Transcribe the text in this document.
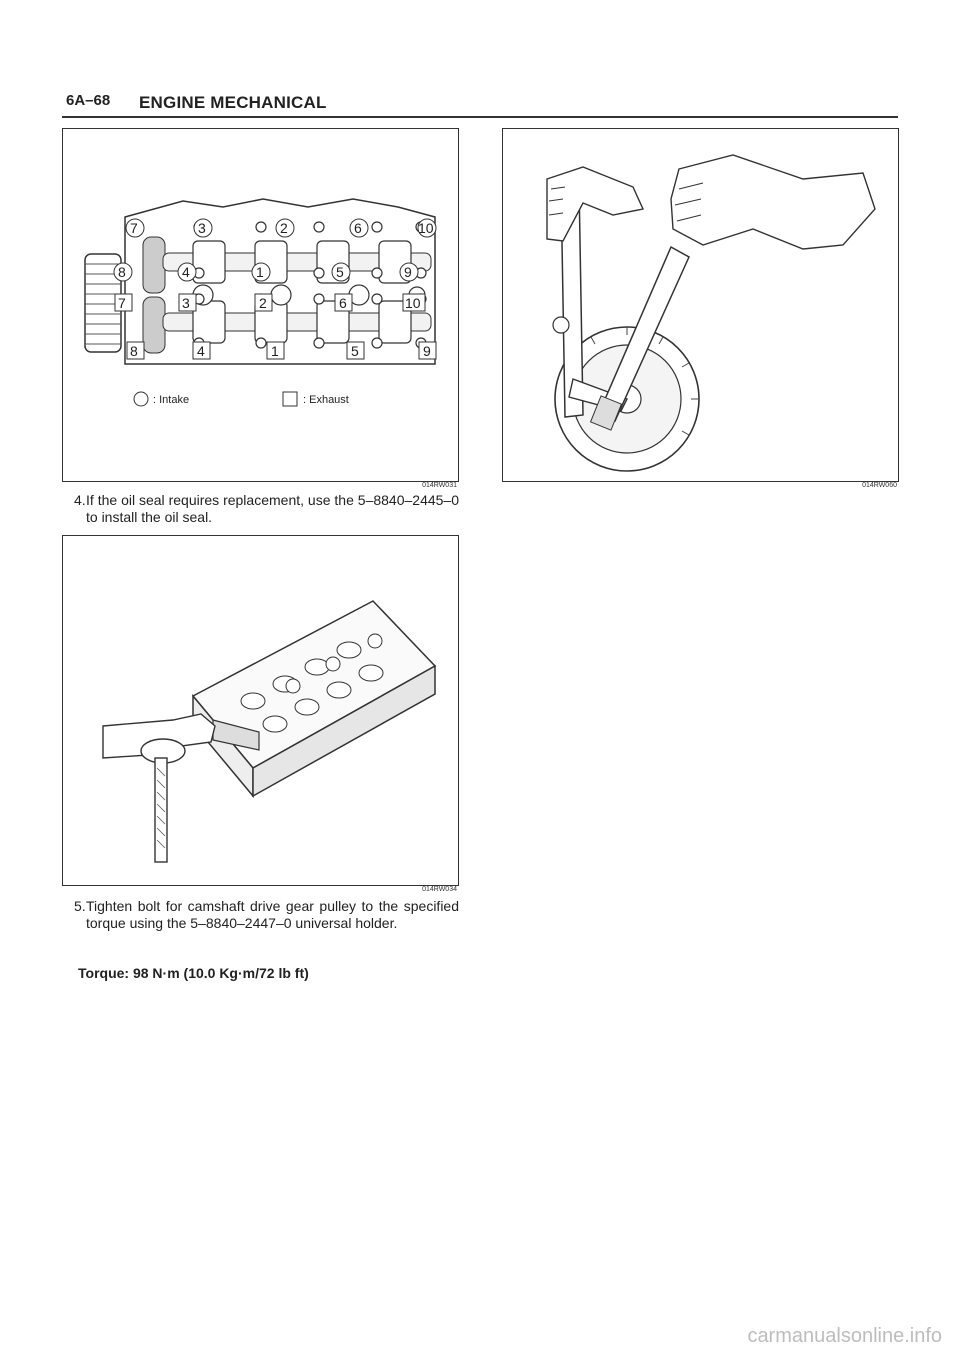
6A–68 ENGINE MECHANICAL
7	3	2	6	10
8	4	1	5	9
7	3	2	6	10
8	4	1	5	9
: Intake	: Exhaust
014RW031
4. If the oil seal requires replacement, use the 5–8840–2445–0 to install the oil seal.
014RW034
5. Tighten bolt for camshaft drive gear pulley to the specified torque using the 5–8840–2447–0 universal holder.
Torque: 98 N·m (10.0 Kg·m/72 lb ft)
014RW060
carmanualsonline.info
